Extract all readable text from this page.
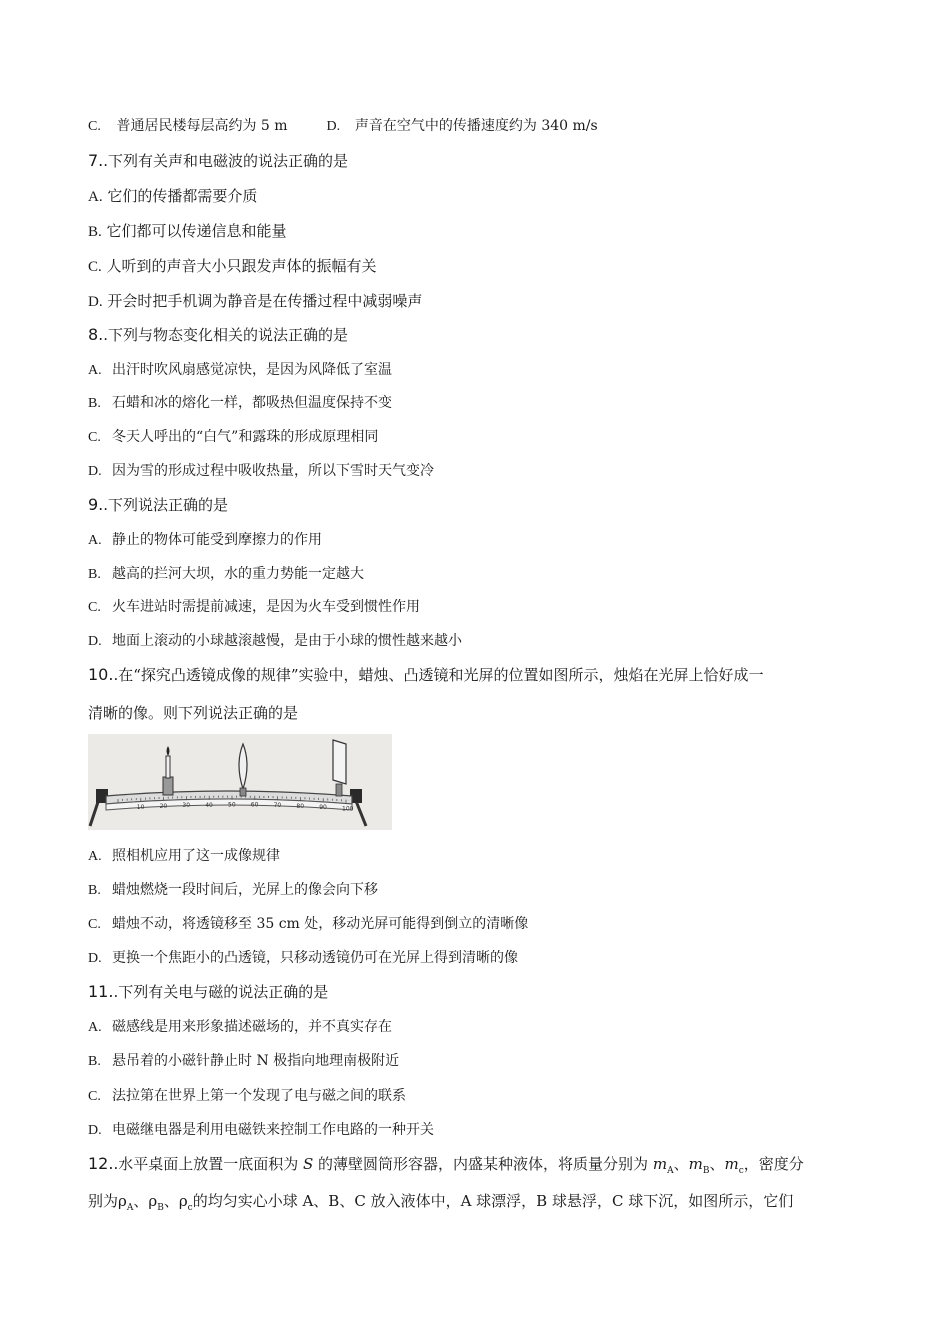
C. 普通居民楼每层高约为 5 m	D. 声音在空气中的传播速度约为 340 m/s
7..下列有关声和电磁波的说法正确的是
A. 它们的传播都需要介质
B. 它们都可以传递信息和能量
C. 人听到的声音大小只跟发声体的振幅有关
D. 开会时把手机调为静音是在传播过程中减弱噪声
8..下列与物态变化相关的说法正确的是
A. 出汗时吹风扇感觉凉快，是因为风降低了室温
B. 石蜡和冰的熔化一样，都吸热但温度保持不变
C. 冬天人呼出的“白气”和露珠的形成原理相同
D. 因为雪的形成过程中吸收热量，所以下雪时天气变冷
9..下列说法正确的是
A. 静止的物体可能受到摩擦力的作用
B. 越高的拦河大坝，水的重力势能一定越大
C. 火车进站时需提前减速，是因为火车受到惯性作用
D. 地面上滚动的小球越滚越慢，是由于小球的惯性越来越小
10..在“探究凸透镜成像的规律”实验中，蜡烛、凸透镜和光屏的位置如图所示，烛焰在光屏上恰好成一
清晰的像。则下列说法正确的是
10	20	30	40	50	60	70	80	90	100
A. 照相机应用了这一成像规律
B. 蜡烛燃烧一段时间后，光屏上的像会向下移
C. 蜡烛不动，将透镜移至 35 cm 处，移动光屏可能得到倒立的清晰像
D. 更换一个焦距小的凸透镜，只移动透镜仍可在光屏上得到清晰的像
11..下列有关电与磁的说法正确的是
A. 磁感线是用来形象描述磁场的，并不真实存在
B. 悬吊着的小磁针静止时 N 极指向地理南极附近
C. 法拉第在世界上第一个发现了电与磁之间的联系
D. 电磁继电器是利用电磁铁来控制工作电路的一种开关
12..水平桌面上放置一底面积为 S 的薄壁圆筒形容器，内盛某种液体，将质量分别为 $m_A$、$m_B$、$m_c$，密度分
别为$\rho_A$、$\rho_B$、$\rho_c$的均匀实心小球 A、B、C 放入液体中，A 球漂浮，B 球悬浮，C 球下沉，如图所示，它们
